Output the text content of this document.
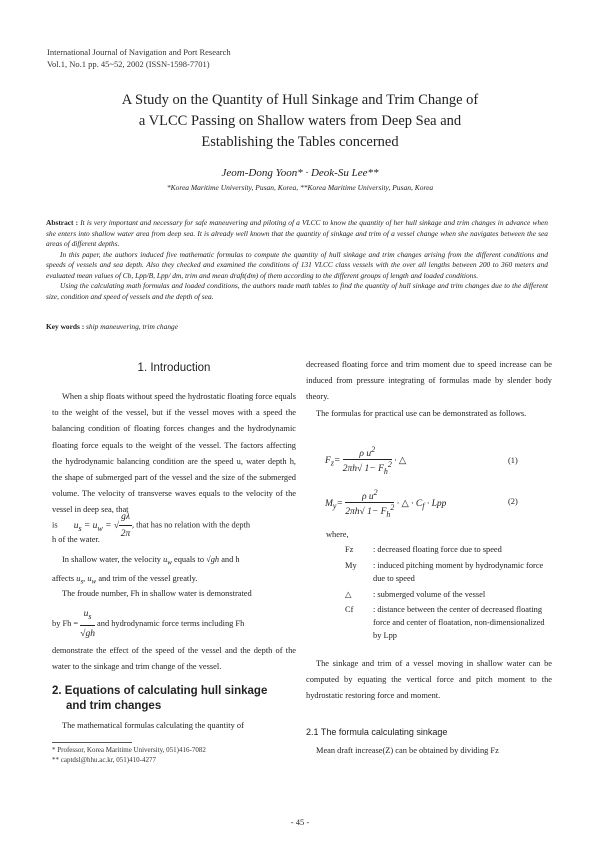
International Journal of Navigation and Port Research
Vol.1, No.1 pp. 45~52, 2002 (ISSN-1598-7701)
A Study on the Quantity of Hull Sinkage and Trim Change of
a VLCC Passing on Shallow waters from Deep Sea and
Establishing the Tables concerned
Jeom-Dong Yoon* · Deok-Su Lee**
*Korea Maritime University, Pusan, Korea, **Korea Maritime University, Pusan, Korea

Abstract : It is very important and necessary for safe maneuvering and piloting of a VLCC to know the quantity of her hull sinkage and trim changes in advance when she enters into shallow water area from deep sea. It is already well known that the quantity of sinkage and trim of a vessel change when she navigates between the sea areas of different depths.

In this paper, the authors induced five mathematic formulas to compute the quantity of hull sinkage and trim changes arising from the different conditions and speeds of vessels and sea depth. Also they checked and examined the conditions of 131 VLCC class vessels with the over all lengths between 200 to 360 meters and evaluated mean values of Cb, Lpp/B, Lpp/ dm, trim and mean draft(dm) of them according to the different groups of length and loaded conditions.

Using the calculating math formulas and loaded conditions, the authors made math tables to find the quantity of hull sinkage and trim changes due to the different size, condition and speed of vessels and the depth of sea.

Key words : ship maneuvering, trim change
1. Introduction

When a ship floats without speed the hydrostatic floating force equals to the weight of the vessel, but if the vessel moves with a speed the balancing condition of floating forces changes and the hydrodynamic floating force equals to the weight of the vessel. The factors affecting the hydrodynamic balancing condition are the speed u, water depth h, the shape of submerged part of the vessel and the size of the submerged volume. The velocity of transverse waves equals to the velocity of the vessel in deep sea, that

is $u_s = u_w$ = √ $\frac{g\lambda}{2\pi}$ , that has no relation with the depth
h of the water.

In shallow water, the velocity $u_w$ equals to √gh and h

affects $u_s$, $u_w$ and trim of the vessel greatly.

The froude number, Fh in shallow water is demonstrated

by $Fh = \frac{u_s}{√gh}$ and hydrodynamic force terms including Fh

demonstrate the effect of the speed of the vessel and the depth of the water to the sinkage and trim change of the vessel.

2. Equations of calculating hull sinkage
and trim changes

The mathematical formulas calculating the quantity of

* Professor, Korea Maritime University, 051)416-7082
** captdsl@hhu.ac.kr, 051)410-4277

decreased floating force and trim moment due to speed increase can be induced from pressure integrating of formulas made by slender body theory.

The formulas for practical use can be demonstrated as follows.

$F_z= \frac{\rho u^2}{2\pi h√ 1- F_h^2}$ · △	(1)
$M_y= \frac{\rho u^2}{2\pi h√ 1- F_h^2}$ · △ · $C_f$ · Lpp	(2)
where,
Fz	: decreased floating force due to speed
My	: induced pitching moment by hydrodynamic force due to speed
△	: submerged volume of the vessel
Cf	: distance between the center of decreased floating force and center of floatation, non-dimensionalized by Lpp

The sinkage and trim of a vessel moving in shallow water can be computed by equating the vertical force and pitch moment to the hydrostatic restoring force and moment.

2.1 The formula calculating sinkage

Mean draft increase(Z) can be obtained by dividing Fz

- 45 -
